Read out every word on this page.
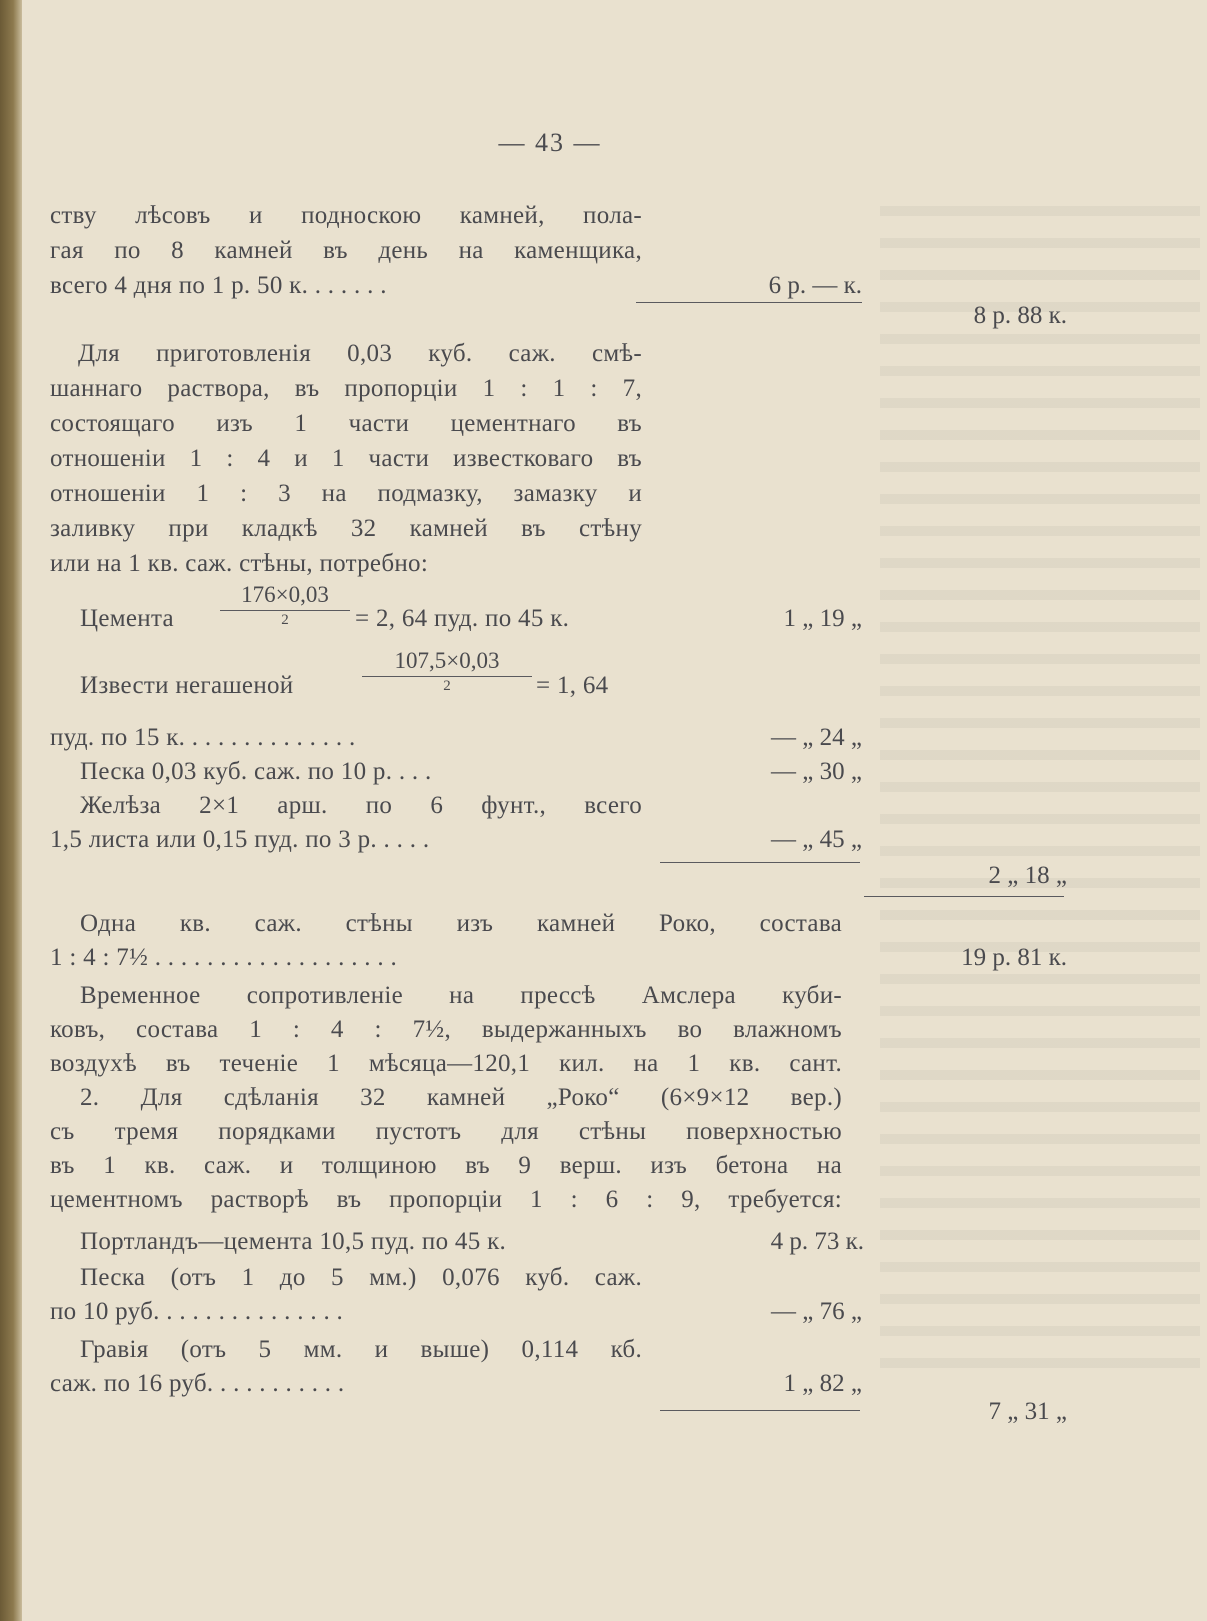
— 43 —
ству лѣсовъ и подноскою камней, пола-
гая по 8 камней въ день на каменщика,
всего 4 дня по 1 р. 50 к. . . . . . .	6 р. — к.
8 р. 88 к.
Для приготовленія 0,03 куб. саж. смѣ-
шаннаго раствора, въ пропорціи 1 : 1 : 7,
состоящаго изъ 1 части цементнаго въ
отношеніи 1 : 4 и 1 части известковаго въ
отношеніи 1 : 3 на подмазку, замазку и
заливку при кладкѣ 32 камней въ стѣну
или на 1 кв. саж. стѣны, потребно:
Цемента
176×0,03
2	= 2, 64 пуд. по 45 к.	1 „ 19 „
Извести негашеной
107,5×0,03
2	= 1, 64
пуд. по 15 к. . . . . . . . . . . . . .	— „ 24 „
Песка 0,03 куб. саж. по 10 р. . . .	— „ 30 „
Желѣза 2×1 арш. по 6 фунт., всего
1,5 листа или 0,15 пуд. по 3 р. . . . .	— „ 45 „
2 „ 18 „
Одна кв. саж. стѣны изъ камней Роко, состава
1 : 4 : 7½ . . . . . . . . . . . . . . . . . . .	19 р. 81 к.
Временное сопротивленіе на прессѣ Амслера куби-
ковъ, состава 1 : 4 : 7½, выдержанныхъ во влажномъ
воздухѣ въ теченіе 1 мѣсяца—120,1 кил. на 1 кв. сант.
2. Для сдѣланія 32 камней „Роко“ (6×9×12 вер.)
съ тремя порядками пустотъ для стѣны поверхностью
въ 1 кв. саж. и толщиною въ 9 верш. изъ бетона на
цементномъ растворѣ въ пропорціи 1 : 6 : 9, требуется:
Портландъ—цемента 10,5 пуд. по 45 к.	4 р. 73 к.
Песка (отъ 1 до 5 мм.) 0,076 куб. саж.
по 10 руб. . . . . . . . . . . . . . .	— „ 76 „
Гравія (отъ 5 мм. и выше) 0,114 кб.
саж. по 16 руб. . . . . . . . . . .	1 „ 82 „
7 „ 31 „
